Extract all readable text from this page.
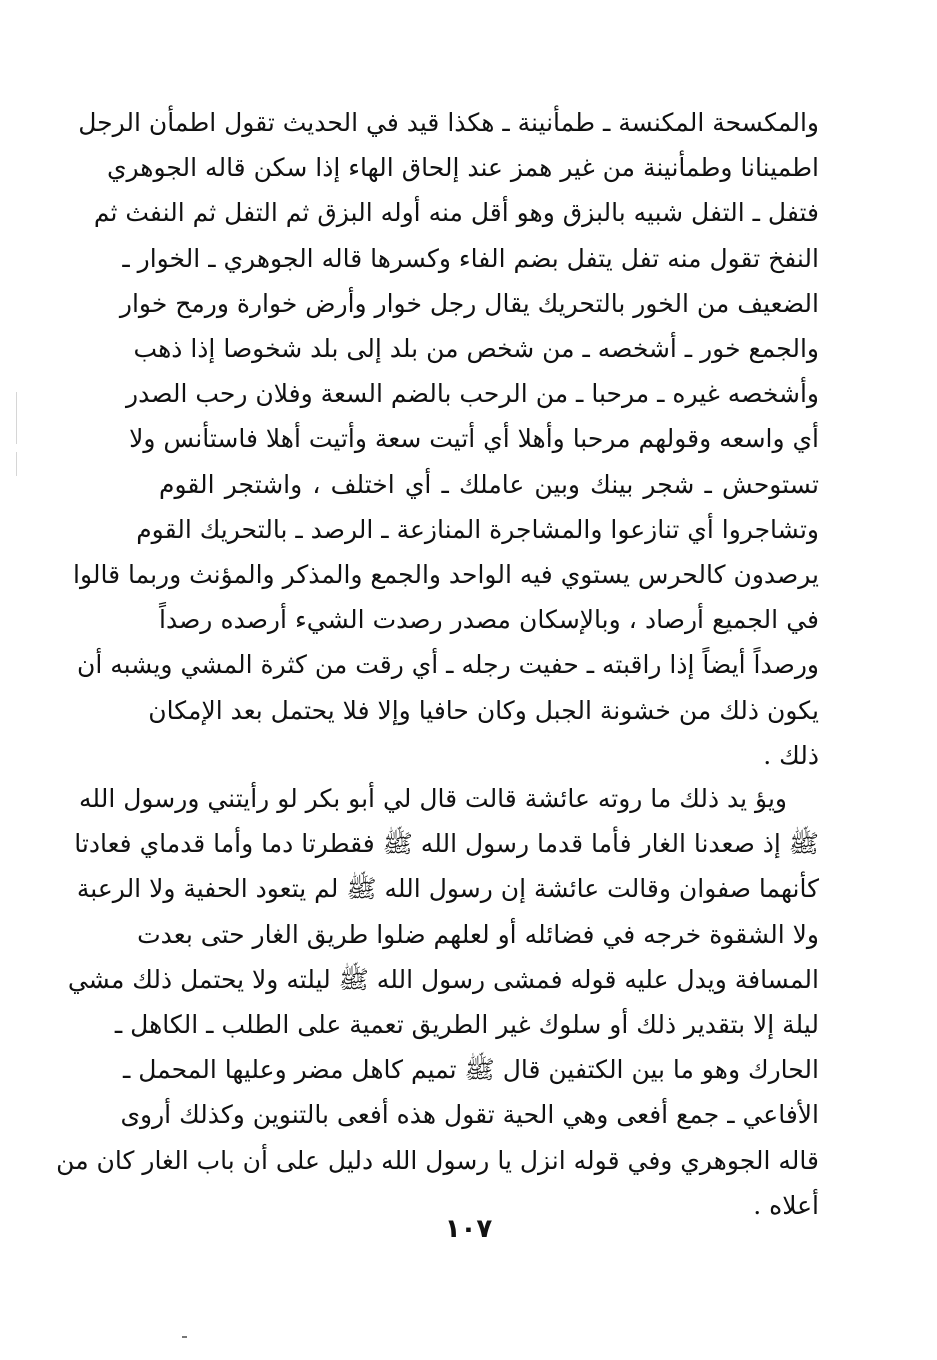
والمكسحة المكنسة ـ طمأنينة ـ هكذا قيد في الحديث تقول اطمأن الرجل
اطمينانا وطمأنينة من غير همز عند إلحاق الهاء إذا سكن قاله الجوهري
فتفل ـ التفل شبيه بالبزق وهو أقل منه أوله البزق ثم التفل ثم النفث ثم
النفخ تقول منه تفل يتفل بضم الفاء وكسرها قاله الجوهري ـ الخوار ـ
الضعيف من الخور بالتحريك يقال رجل خوار وأرض خوارة ورمح خوار
والجمع خور ـ أشخصه ـ من شخص من بلد إلى بلد شخوصا إذا ذهب
وأشخصه غيره ـ مرحبا ـ من الرحب بالضم السعة وفلان رحب الصدر
أي واسعه وقولهم مرحبا وأهلا أي أتيت سعة وأتيت أهلا فاستأنس ولا
تستوحش ـ شجر بينك وبين عاملك ـ أي اختلف ، واشتجر القوم
وتشاجروا أي تنازعوا والمشاجرة المنازعة ـ الرصد ـ بالتحريك القوم
يرصدون كالحرس يستوي فيه الواحد والجمع والمذكر والمؤنث وربما قالوا
في الجميع أرصاد ، وبالإسكان مصدر رصدت الشيء أرصده رصداً
ورصداً أيضاً إذا راقبته ـ حفيت رجله ـ أي رقت من كثرة المشي ويشبه أن
يكون ذلك من خشونة الجبل وكان حافيا وإلا فلا يحتمل بعد الإمكان
ذلك .
ويؤ يد ذلك ما روته عائشة قالت قال لي أبو بكر لو رأيتني ورسول الله
ﷺ إذ صعدنا الغار فأما قدما رسول الله ﷺ فقطرتا دما وأما قدماي فعادتا
كأنهما صفوان وقالت عائشة إن رسول الله ﷺ لم يتعود الحفية ولا الرعبة
ولا الشقوة خرجه في فضائله أو لعلهم ضلوا طريق الغار حتى بعدت
المسافة ويدل عليه قوله فمشى رسول الله ﷺ ليلته ولا يحتمل ذلك مشي
ليلة إلا بتقدير ذلك أو سلوك غير الطريق تعمية على الطلب ـ الكاهل ـ
الحارك وهو ما بين الكتفين قال ﷺ تميم كاهل مضر وعليها المحمل ـ
الأفاعي ـ جمع أفعى وهي الحية تقول هذه أفعى بالتنوين وكذلك أروى
قاله الجوهري وفي قوله انزل يا رسول الله دليل على أن باب الغار كان من
أعلاه .
١٠٧
